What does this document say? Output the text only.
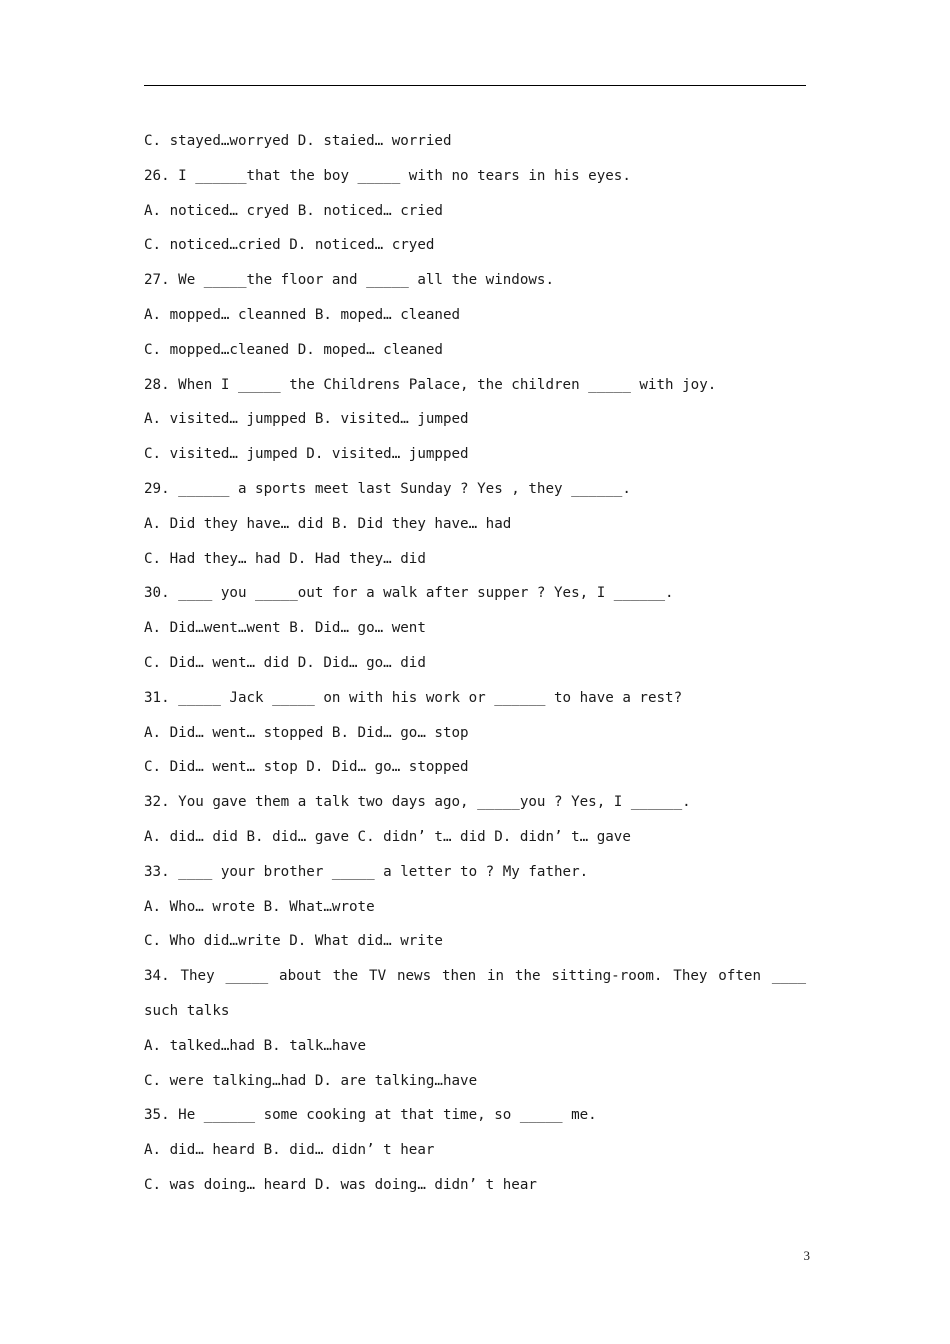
C. stayed…worryed D. staied… worried
26. I ______that the boy _____ with no tears in his eyes.
A. noticed… cryed B. noticed… cried
C. noticed…cried D. noticed… cryed
27. We _____the floor and _____ all the windows.
A. mopped… cleanned B. moped… cleaned
C. mopped…cleaned D. moped… cleaned
28. When I _____ the Childrens Palace, the children _____ with joy.
A. visited… jumpped B. visited… jumped
C. visited… jumped D. visited… jumpped
29. ______ a sports meet last Sunday ? Yes , they ______.
A. Did they have… did B. Did they have… had
C. Had they… had D. Had they… did
30. ____ you _____out for a walk after supper ? Yes, I ______.
A. Did…went…went B. Did… go… went
C. Did… went… did D. Did… go… did
31. _____ Jack _____ on with his work or ______ to have a rest?
A. Did… went… stopped B. Did… go… stop
C. Did… went… stop D. Did… go… stopped
32. You gave them a talk two days ago, _____you ? Yes, I ______.
A. did… did B. did… gave C. didn’ t… did D. didn’ t… gave
33. ____ your brother _____ a letter to ? My father.
A. Who… wrote B. What…wrote
C. Who did…write D. What did… write
34. They _____ about the TV news then in the sitting-room. They often ____ such talks
A. talked…had B. talk…have
C. were talking…had D. are talking…have
35. He ______ some cooking at that time, so _____ me.
A. did… heard B. did… didn’ t hear
C. was doing… heard D. was doing… didn’ t hear
3
